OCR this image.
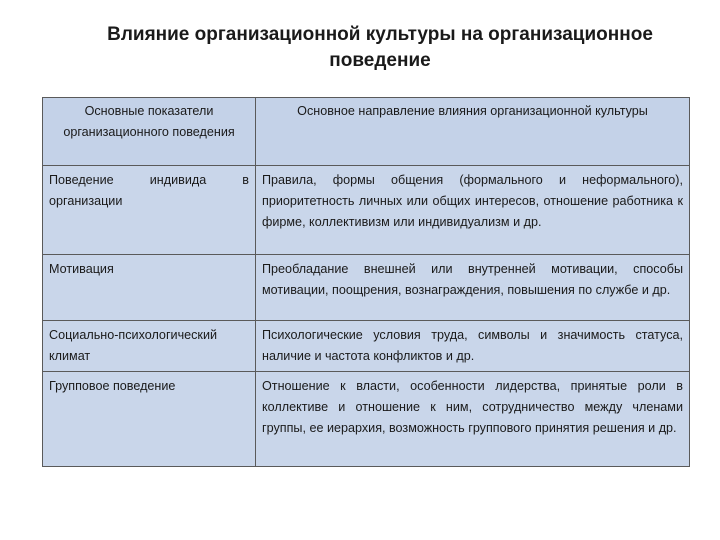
Влияние организационной культуры на организационное поведение
Основные показатели организационного поведения	Основное направление влияния организационной культуры
Поведение индивида в организации	Правила, формы общения (формального и неформального), приоритетность личных или общих интересов, отношение работника к фирме, коллективизм или индивидуализм и др.
Мотивация	Преобладание внешней или внутренней мотивации, способы мотивации, поощрения, вознаграждения, повышения по службе и др.
Социально-психологический климат	Психологические условия труда, символы и значимость статуса, наличие и частота конфликтов и др.
Групповое поведение	Отношение к власти, особенности лидерства, принятые роли в коллективе и отношение к ним, сотрудничество между членами группы, ее иерархия, возможность группового принятия решения и др.
